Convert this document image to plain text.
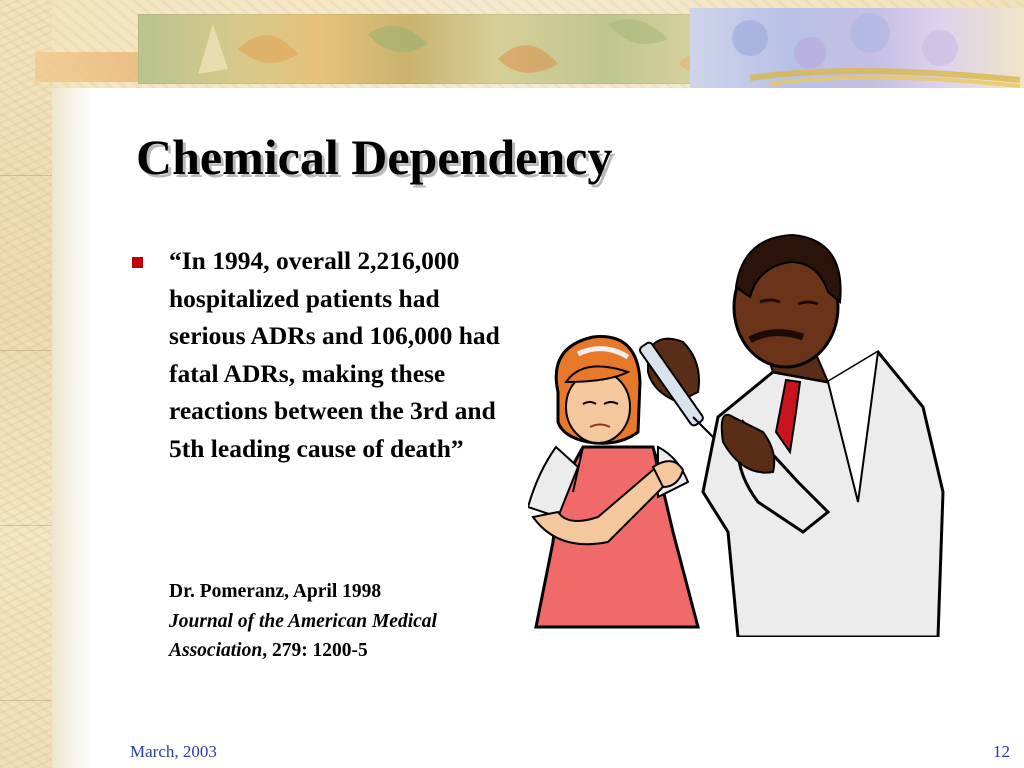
Chemical Dependency

“In 1994, overall 2,216,000 hospitalized patients had serious ADRs and 106,000 had fatal ADRs, making these reactions between the 3rd and 5th leading cause of death”

Dr. Pomeranz, April 1998
Journal of the American Medical Association, 279: 1200-5

March, 2003	12
